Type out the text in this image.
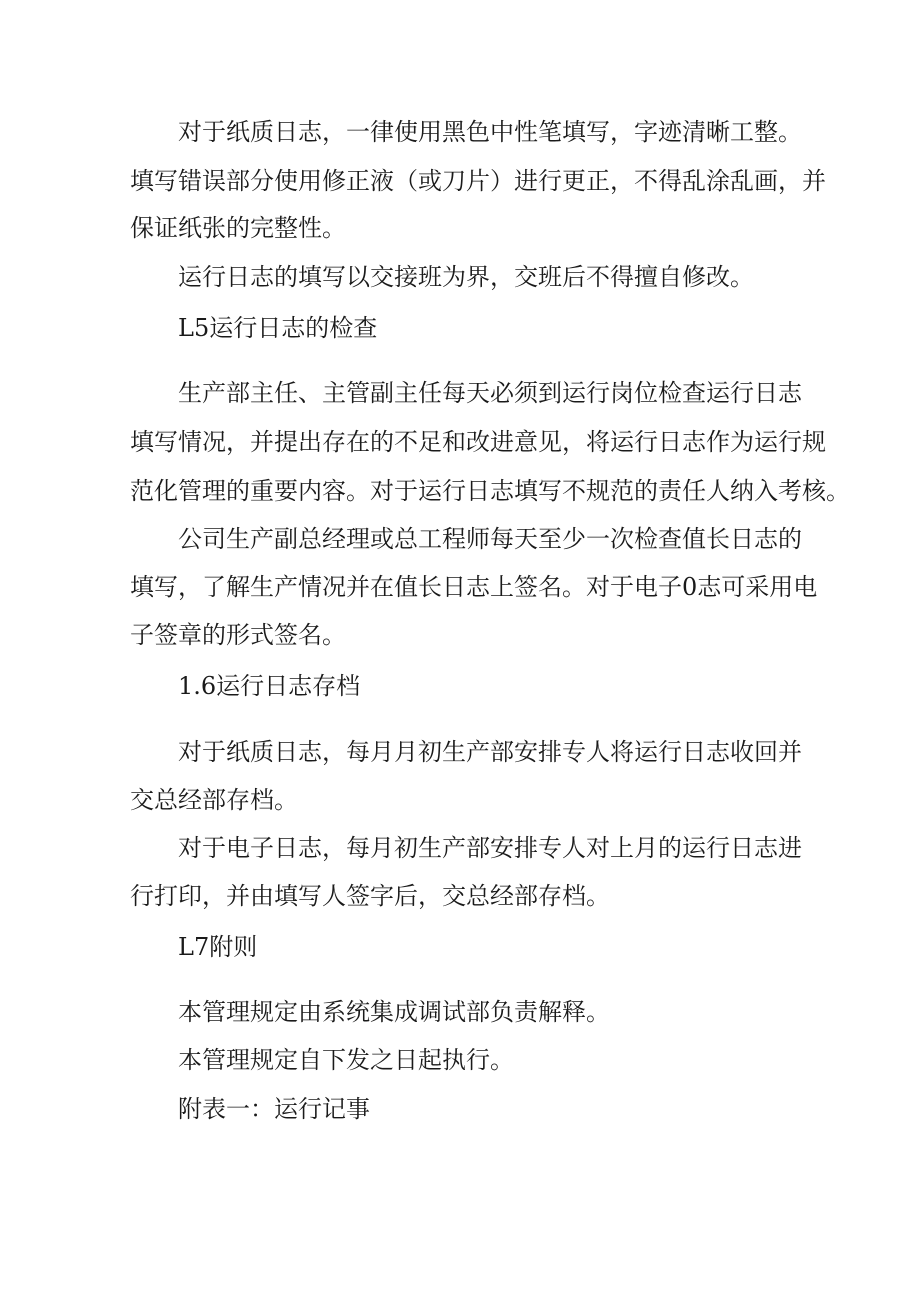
对于纸质日志，一律使用黑色中性笔填写，字迹清晰工整。
填写错误部分使用修正液（或刀片）进行更正，不得乱涂乱画，并
保证纸张的完整性。
运行日志的填写以交接班为界，交班后不得擅自修改。
L5运行日志的检查
生产部主任、主管副主任每天必须到运行岗位检查运行日志
填写情况，并提出存在的不足和改进意见，将运行日志作为运行规
范化管理的重要内容。对于运行日志填写不规范的责任人纳入考核。
公司生产副总经理或总工程师每天至少一次检查值长日志的
填写，了解生产情况并在值长日志上签名。对于电子0志可采用电
子签章的形式签名。
1.6运行日志存档
对于纸质日志，每月月初生产部安排专人将运行日志收回并
交总经部存档。
对于电子日志，每月初生产部安排专人对上月的运行日志进
行打印，并由填写人签字后，交总经部存档。
L7附则
本管理规定由系统集成调试部负责解释。
本管理规定自下发之日起执行。
附表一：运行记事
